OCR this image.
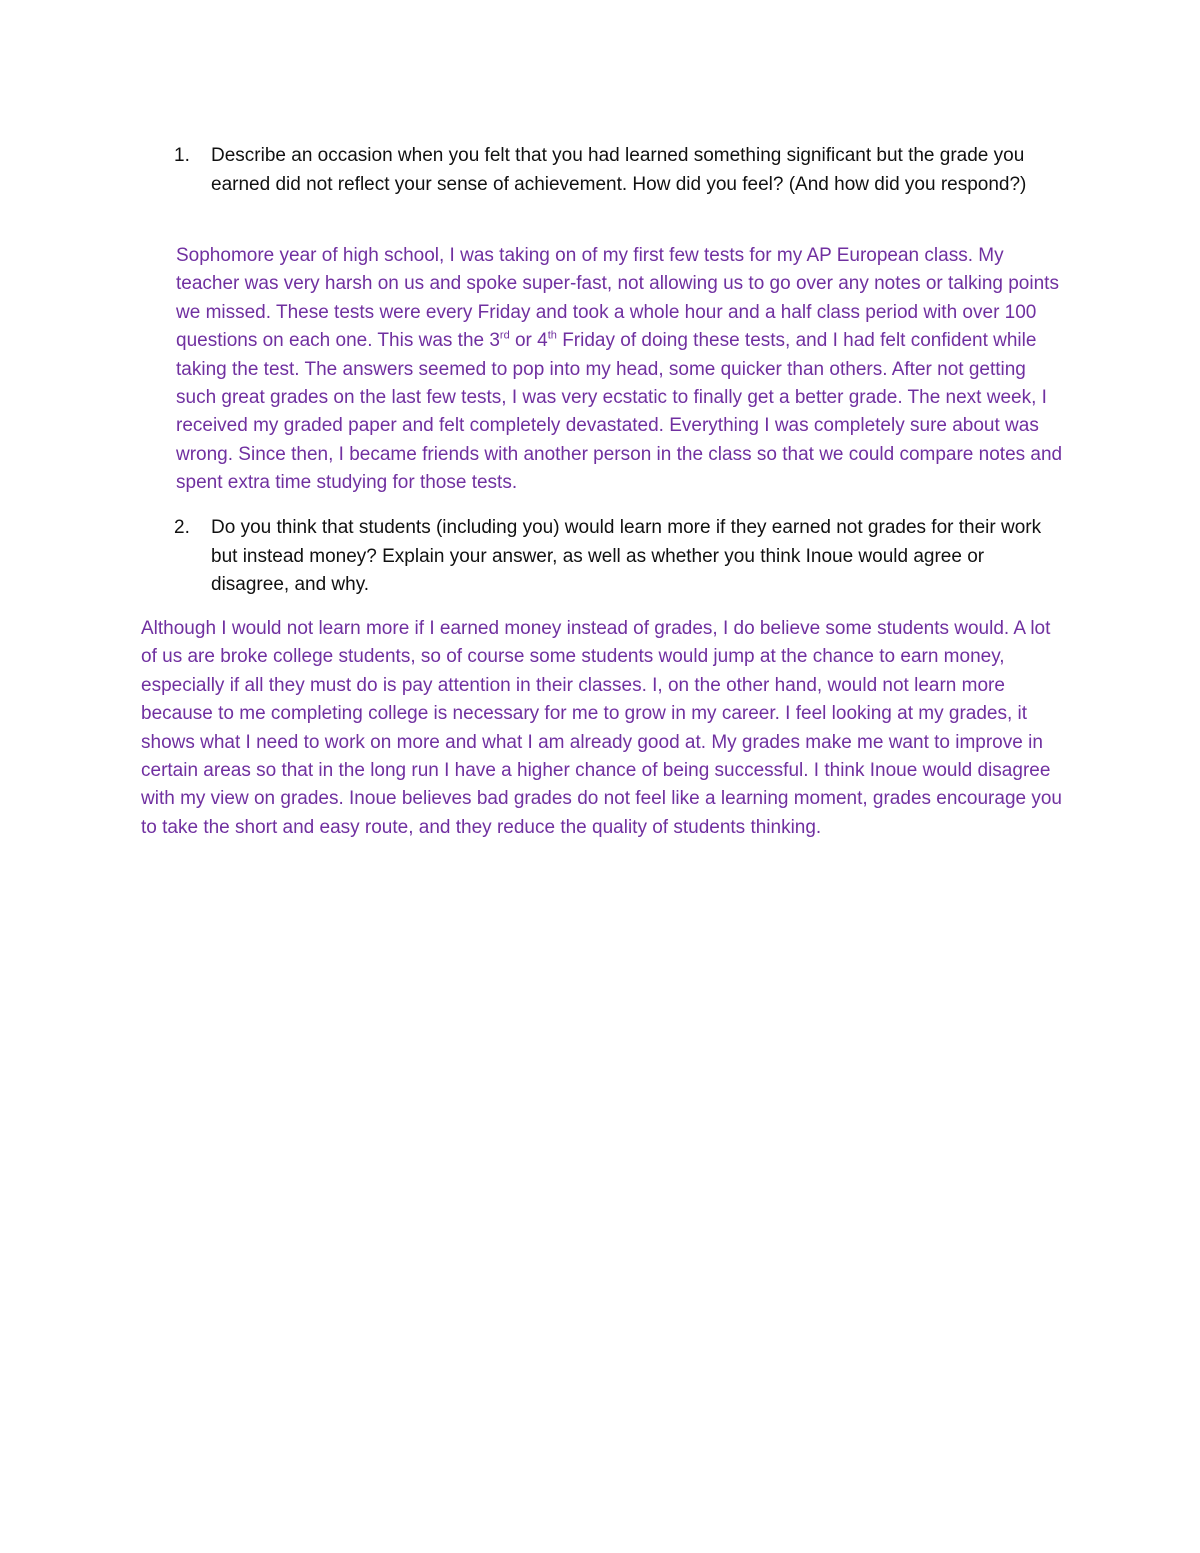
1.	Describe an occasion when you felt that you had learned something significant but the grade you earned did not reflect your sense of achievement. How did you feel? (And how did you respond?)
Sophomore year of high school, I was taking on of my first few tests for my AP European class. My teacher was very harsh on us and spoke super-fast, not allowing us to go over any notes or talking points we missed. These tests were every Friday and took a whole hour and a half class period with over 100 questions on each one. This was the 3rd or 4th Friday of doing these tests, and I had felt confident while taking the test. The answers seemed to pop into my head, some quicker than others. After not getting such great grades on the last few tests, I was very ecstatic to finally get a better grade. The next week, I received my graded paper and felt completely devastated. Everything I was completely sure about was wrong. Since then, I became friends with another person in the class so that we could compare notes and spent extra time studying for those tests.
2.	Do you think that students (including you) would learn more if they earned not grades for their work but instead money? Explain your answer, as well as whether you think Inoue would agree or disagree, and why.
Although I would not learn more if I earned money instead of grades, I do believe some students would. A lot of us are broke college students, so of course some students would jump at the chance to earn money, especially if all they must do is pay attention in their classes. I, on the other hand, would not learn more because to me completing college is necessary for me to grow in my career. I feel looking at my grades, it shows what I need to work on more and what I am already good at. My grades make me want to improve in certain areas so that in the long run I have a higher chance of being successful. I think Inoue would disagree with my view on grades. Inoue believes bad grades do not feel like a learning moment, grades encourage you to take the short and easy route, and they reduce the quality of students thinking.
